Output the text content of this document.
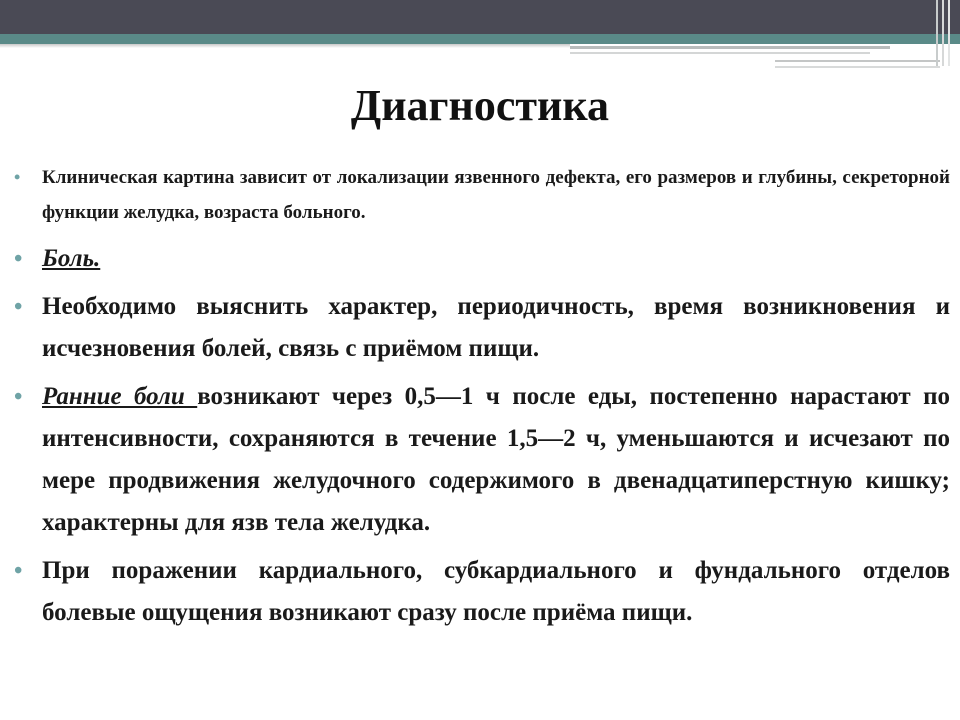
Диагностика
• Клиническая картина зависит от локализации язвенного дефекта, его размеров и глубины, секреторной функции желудка, возраста больного.
• Боль.
• Необходимо выяснить характер, периодичность, время возникновения и исчезновения болей, связь с приёмом пищи.
• Ранние боли возникают через 0,5—1 ч после еды, постепенно нарастают по интенсивности, сохраняются в течение 1,5—2 ч, уменьшаются и исчезают по мере продвижения желудочного содержимого в двенадцатиперстную кишку; характерны для язв тела желудка.
• При поражении кардиального, субкардиального и фундального отделов болевые ощущения возникают сразу после приёма пищи.
